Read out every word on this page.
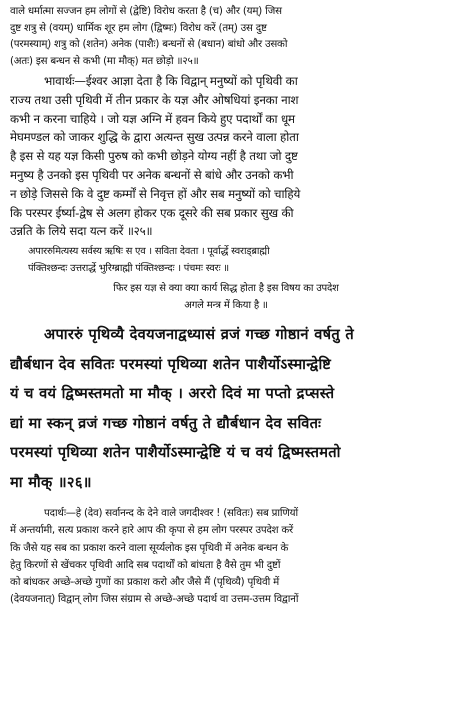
वाले धर्मात्मा सज्जन हम लोगों से (द्वेष्टि) विरोध करता है (च) और (यम्) जिस
दुष्ट शत्रु से (वयम्) धार्मिक शूर हम लोग (द्विष्मः) विरोध करें (तम्) उस दुष्ट
(परमस्याम्) शत्रु को (शतेन) अनेक (पाशैः) बन्धनों से (बधान) बांधो और उसको
(अतः) इस बन्धन से कभी (मा मौक्) मत छोड़ो ॥२५॥
भावार्थः—ईश्वर आज्ञा देता है कि विद्वान् मनुष्यों को पृथिवी का
राज्य तथा उसी पृथिवी में तीन प्रकार के यज्ञ और ओषधियां इनका नाश
कभी न करना चाहिये । जो यज्ञ अग्नि में हवन किये हुए पदार्थों का धूम
मेघमण्डल को जाकर शुद्धि के द्वारा अत्यन्त सुख उत्पन्न करने वाला होता
है इस से यह यज्ञ किसी पुरुष को कभी छोड़ने योग्य नहीं है तथा जो दुष्ट
मनुष्य है उनको इस पृथिवी पर अनेक बन्धनों से बांधे और उनको कभी
न छोड़े जिससे कि वे दुष्ट कर्म्मों से निवृत्त हों और सब मनुष्यों को चाहिये
कि परस्पर ईर्ष्या-द्वेष से अलग होकर एक दूसरे की सब प्रकार सुख की
उन्नति के लिये सदा यत्न करें ॥२५॥
अपाररुमित्यस्य सर्वस्य ऋषिः स एव । सविता देवता । पूर्वार्द्धे स्वराड्ब्राह्मी
पंक्तिश्छन्दः उत्तरार्द्धे भुरिग्ब्राह्मी पंक्तिश्छन्दः । पंचमः स्वरः ॥
फिर इस यज्ञ से क्या क्या कार्य सिद्ध होता है इस विषय का उपदेश
अगले मन्त्र में किया है ॥
अपाररुं पृथिव्यै देवयजनाद्वध्यासं व्रजं गच्छ गोष्ठानं वर्षतु ते
द्यौर्बधान देव सवितः परमस्यां पृथिव्या शतेन पाशैर्योऽस्मान्द्वेष्टि
यं च वयं द्विष्मस्तमतो मा मौक् । अररो दिवं मा पप्तो द्रप्सस्ते
द्यां मा स्कन् व्रजं गच्छ गोष्ठानं वर्षतु ते द्यौर्बधान देव सवितः
परमस्यां पृथिव्या शतेन पाशैर्योऽस्मान्द्वेष्टि यं च वयं द्विष्मस्तमतो
मा मौक् ॥२६॥
पदार्थः—हे (देव) सर्वानन्द के देने वाले जगदीश्वर ! (सवितः) सब प्राणियों
में अन्तर्यामी, सत्य प्रकाश करने हारे आप की कृपा से हम लोग परस्पर उपदेश करें
कि जैसे यह सब का प्रकाश करने वाला सूर्य्यलोक इस पृथिवी में अनेक बन्धन के
हेतु किरणों से खेंचकर पृथिवी आदि सब पदार्थों को बांधता है वैसे तुम भी दुष्टों
को बांधकर अच्छे-अच्छे गुणों का प्रकाश करो और जैसे मैं (पृथिव्यै) पृथिवी में
(देवयजनात्) विद्वान् लोग जिस संग्राम से अच्छे-अच्छे पदार्थ वा उत्तम-उत्तम विद्वानों
